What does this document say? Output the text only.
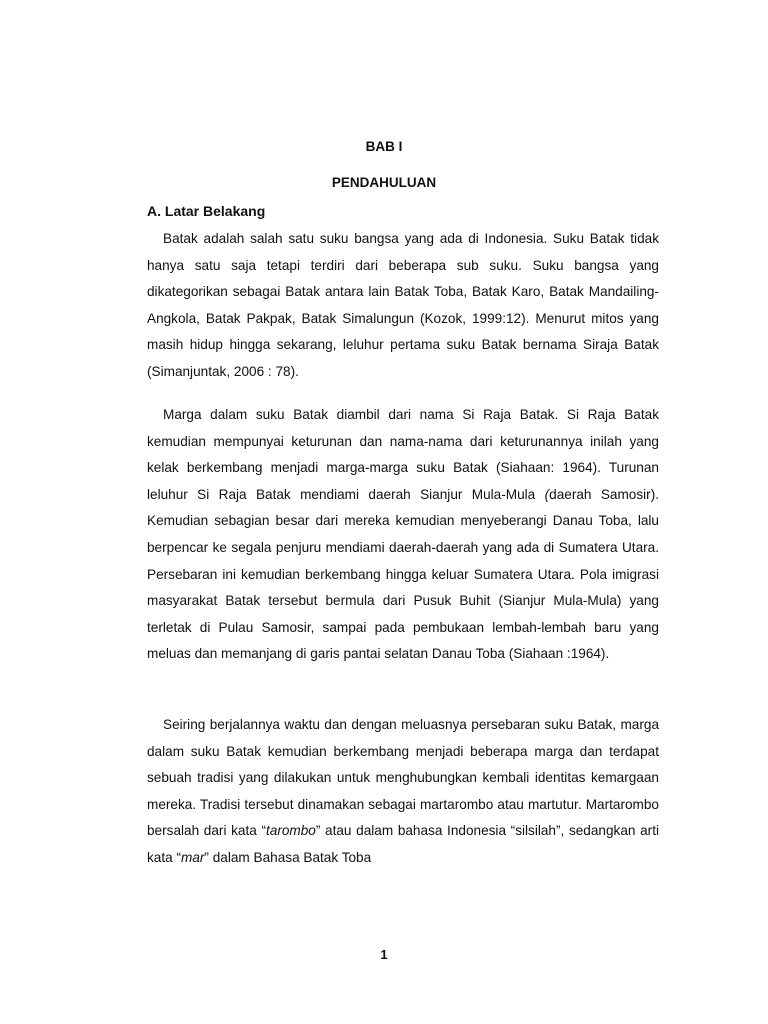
BAB I
PENDAHULUAN
A. Latar Belakang

Batak adalah salah satu suku bangsa yang ada di Indonesia. Suku Batak tidak hanya satu saja tetapi terdiri dari beberapa sub suku. Suku bangsa yang dikategorikan sebagai Batak antara lain Batak Toba, Batak Karo, Batak Mandailing-Angkola, Batak Pakpak, Batak Simalungun (Kozok, 1999:12). Menurut mitos yang masih hidup hingga sekarang, leluhur pertama suku Batak bernama Siraja Batak (Simanjuntak, 2006 : 78).

Marga dalam suku Batak diambil dari nama Si Raja Batak. Si Raja Batak kemudian mempunyai keturunan dan nama-nama dari keturunannya inilah yang kelak berkembang menjadi marga-marga suku Batak (Siahaan: 1964). Turunan leluhur Si Raja Batak mendiami daerah Sianjur Mula-Mula (daerah Samosir). Kemudian sebagian besar dari mereka kemudian menyeberangi Danau Toba, lalu berpencar ke segala penjuru mendiami daerah-daerah yang ada di Sumatera Utara. Persebaran ini kemudian berkembang hingga keluar Sumatera Utara. Pola imigrasi masyarakat Batak tersebut bermula dari Pusuk Buhit (Sianjur Mula-Mula) yang terletak di Pulau Samosir, sampai pada pembukaan lembah-lembah baru yang meluas dan memanjang di garis pantai selatan Danau Toba (Siahaan :1964).

Seiring berjalannya waktu dan dengan meluasnya persebaran suku Batak, marga dalam suku Batak kemudian berkembang menjadi beberapa marga dan terdapat sebuah tradisi yang dilakukan untuk menghubungkan kembali identitas kemargaan mereka. Tradisi tersebut dinamakan sebagai martarombo atau martutur. Martarombo bersalah dari kata “tarombo” atau dalam bahasa Indonesia “silsilah”, sedangkan arti kata “mar” dalam Bahasa Batak Toba

1
